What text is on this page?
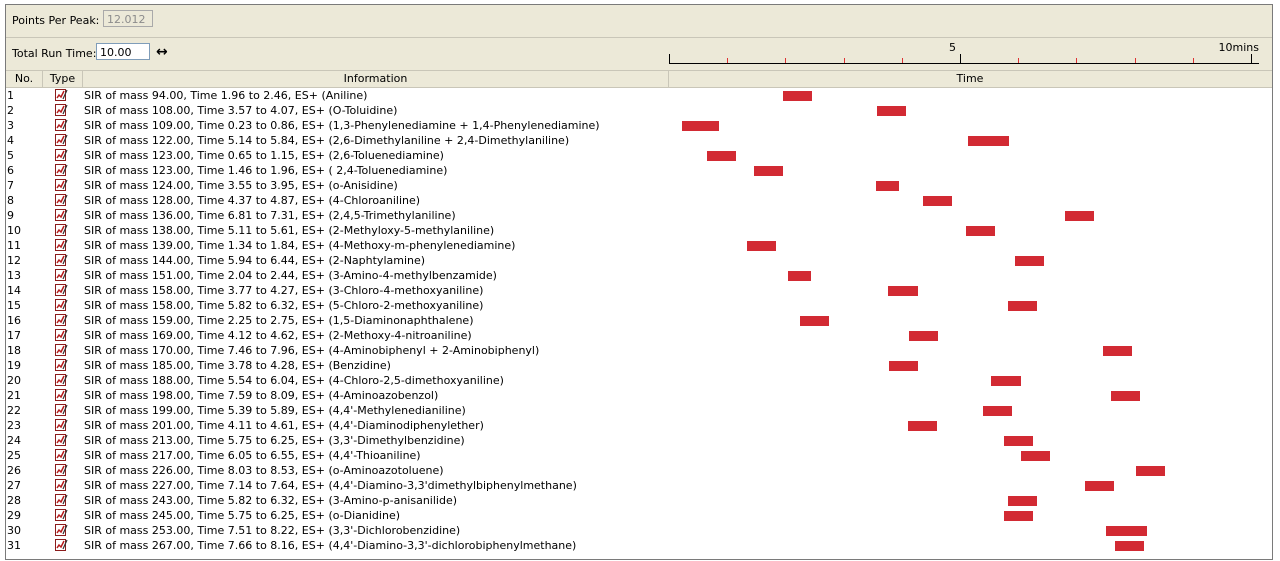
Points Per Peak: 12.012
Total Run Time: 10.00	↔	5	10mins
No.	Type	Information	Time
1	SIR of mass 94.00, Time 1.96 to 2.46, ES+ (Aniline)
2	SIR of mass 108.00, Time 3.57 to 4.07, ES+ (O-Toluidine)
3	SIR of mass 109.00, Time 0.23 to 0.86, ES+ (1,3-Phenylenediamine + 1,4-Phenylenediamine)
4	SIR of mass 122.00, Time 5.14 to 5.84, ES+ (2,6-Dimethylaniline + 2,4-Dimethylaniline)
5	SIR of mass 123.00, Time 0.65 to 1.15, ES+ (2,6-Toluenediamine)
6	SIR of mass 123.00, Time 1.46 to 1.96, ES+ ( 2,4-Toluenediamine)
7	SIR of mass 124.00, Time 3.55 to 3.95, ES+ (o-Anisidine)
8	SIR of mass 128.00, Time 4.37 to 4.87, ES+ (4-Chloroaniline)
9	SIR of mass 136.00, Time 6.81 to 7.31, ES+ (2,4,5-Trimethylaniline)
10	SIR of mass 138.00, Time 5.11 to 5.61, ES+ (2-Methyloxy-5-methylaniline)
11	SIR of mass 139.00, Time 1.34 to 1.84, ES+ (4-Methoxy-m-phenylenediamine)
12	SIR of mass 144.00, Time 5.94 to 6.44, ES+ (2-Naphtylamine)
13	SIR of mass 151.00, Time 2.04 to 2.44, ES+ (3-Amino-4-methylbenzamide)
14	SIR of mass 158.00, Time 3.77 to 4.27, ES+ (3-Chloro-4-methoxyaniline)
15	SIR of mass 158.00, Time 5.82 to 6.32, ES+ (5-Chloro-2-methoxyaniline)
16	SIR of mass 159.00, Time 2.25 to 2.75, ES+ (1,5-Diaminonaphthalene)
17	SIR of mass 169.00, Time 4.12 to 4.62, ES+ (2-Methoxy-4-nitroaniline)
18	SIR of mass 170.00, Time 7.46 to 7.96, ES+ (4-Aminobiphenyl + 2-Aminobiphenyl)
19	SIR of mass 185.00, Time 3.78 to 4.28, ES+ (Benzidine)
20	SIR of mass 188.00, Time 5.54 to 6.04, ES+ (4-Chloro-2,5-dimethoxyaniline)
21	SIR of mass 198.00, Time 7.59 to 8.09, ES+ (4-Aminoazobenzol)
22	SIR of mass 199.00, Time 5.39 to 5.89, ES+ (4,4'-Methylenedianiline)
23	SIR of mass 201.00, Time 4.11 to 4.61, ES+ (4,4'-Diaminodiphenylether)
24	SIR of mass 213.00, Time 5.75 to 6.25, ES+ (3,3'-Dimethylbenzidine)
25	SIR of mass 217.00, Time 6.05 to 6.55, ES+ (4,4'-Thioaniline)
26	SIR of mass 226.00, Time 8.03 to 8.53, ES+ (o-Aminoazotoluene)
27	SIR of mass 227.00, Time 7.14 to 7.64, ES+ (4,4'-Diamino-3,3'dimethylbiphenylmethane)
28	SIR of mass 243.00, Time 5.82 to 6.32, ES+ (3-Amino-p-anisanilide)
29	SIR of mass 245.00, Time 5.75 to 6.25, ES+ (o-Dianidine)
30	SIR of mass 253.00, Time 7.51 to 8.22, ES+ (3,3'-Dichlorobenzidine)
31	SIR of mass 267.00, Time 7.66 to 8.16, ES+ (4,4'-Diamino-3,3'-dichlorobiphenylmethane)
